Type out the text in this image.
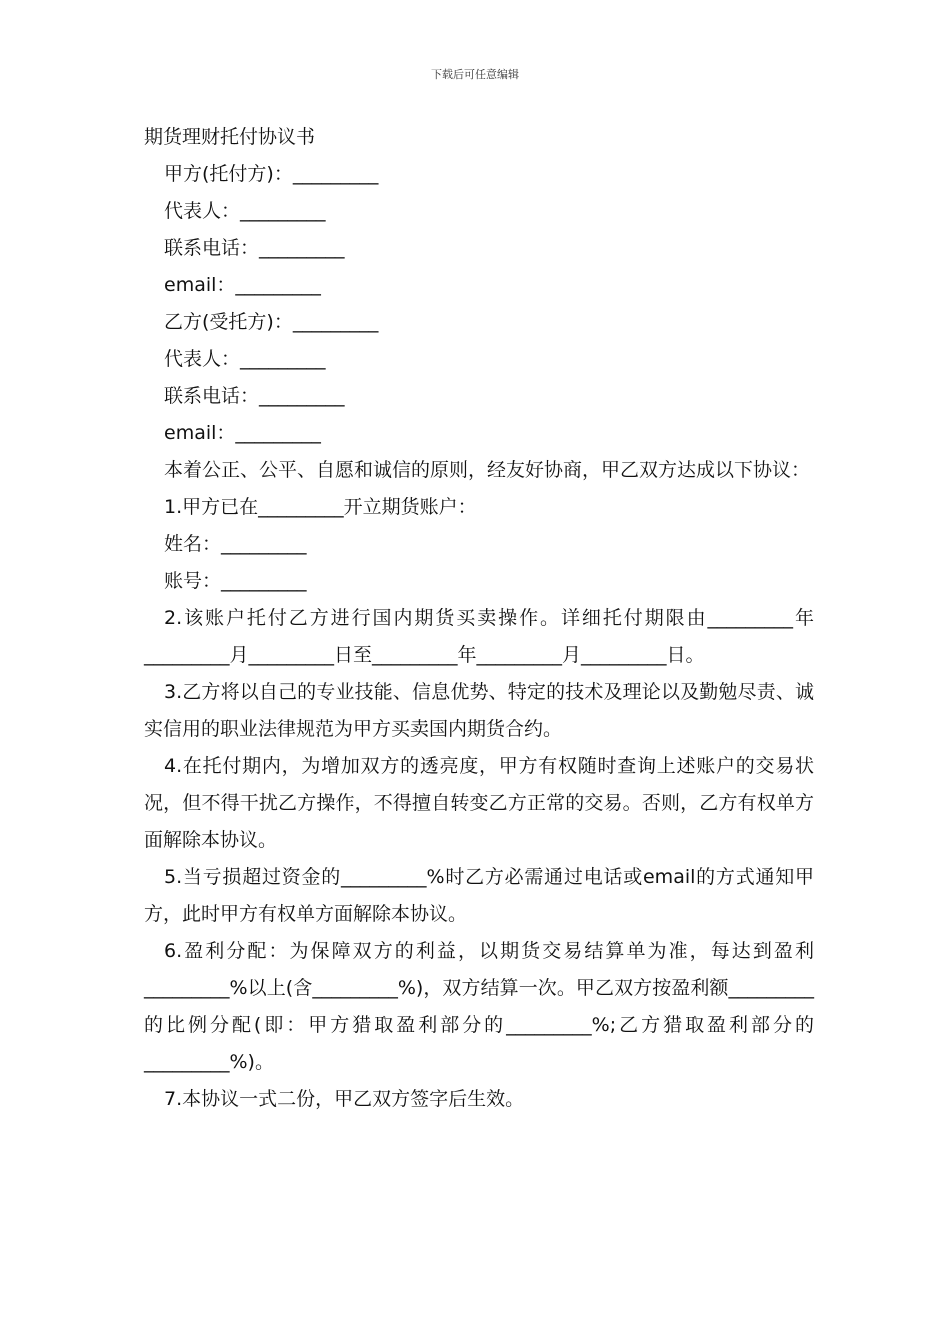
下载后可任意编辑
期货理财托付协议书
甲方(托付方)：_________
代表人：_________
联系电话：_________
email：_________
乙方(受托方)：_________
代表人：_________
联系电话：_________
email：_________
本着公正、公平、自愿和诚信的原则，经友好协商，甲乙双方达成以下协议：
1.甲方已在_________开立期货账户：
姓名：_________
账号：_________
2.该账户托付乙方进行国内期货买卖操作。详细托付期限由_________年_________月_________日至_________年_________月_________日。
3.乙方将以自己的专业技能、信息优势、特定的技术及理论以及勤勉尽责、诚实信用的职业法律规范为甲方买卖国内期货合约。
4.在托付期内，为增加双方的透亮度，甲方有权随时查询上述账户的交易状况，但不得干扰乙方操作，不得擅自转变乙方正常的交易。否则，乙方有权单方面解除本协议。
5.当亏损超过资金的_________%时乙方必需通过电话或email的方式通知甲方，此时甲方有权单方面解除本协议。
6.盈利分配：为保障双方的利益，以期货交易结算单为准，每达到盈利_________%以上(含_________%)，双方结算一次。甲乙双方按盈利额_________的比例分配(即：甲方猎取盈利部分的_________%;乙方猎取盈利部分的_________%)。
7.本协议一式二份，甲乙双方签字后生效。
